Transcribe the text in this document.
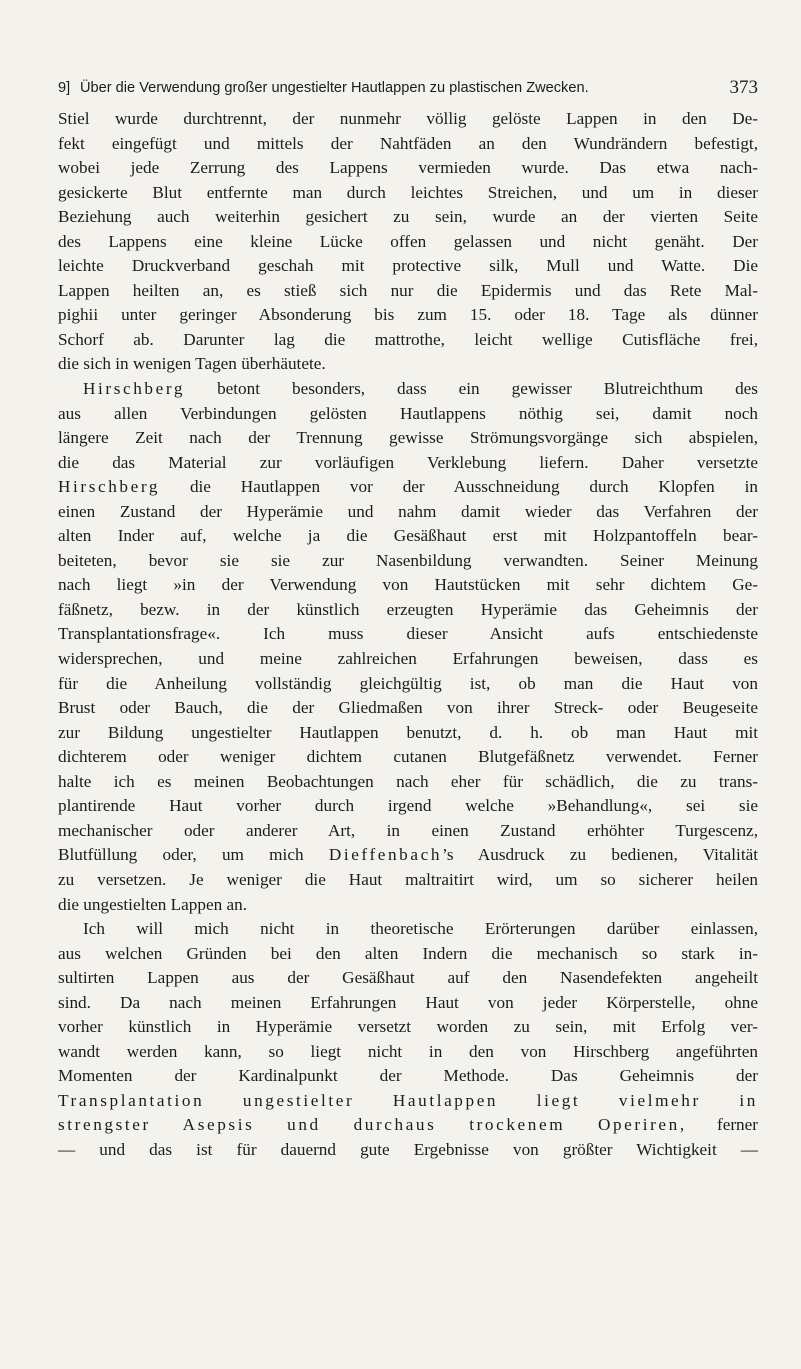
9] Über die Verwendung großer ungestielter Hautlappen zu plastischen Zwecken.	373
Stiel wurde durchtrennt, der nunmehr völlig gelöste Lappen in den De-
fekt eingefügt und mittels der Nahtfäden an den Wundrändern befestigt,
wobei jede Zerrung des Lappens vermieden wurde. Das etwa nach-
gesickerte Blut entfernte man durch leichtes Streichen, und um in dieser
Beziehung auch weiterhin gesichert zu sein, wurde an der vierten Seite
des Lappens eine kleine Lücke offen gelassen und nicht genäht. Der
leichte Druckverband geschah mit protective silk, Mull und Watte. Die
Lappen heilten an, es stieß sich nur die Epidermis und das Rete Mal-
pighii unter geringer Absonderung bis zum 15. oder 18. Tage als dünner
Schorf ab. Darunter lag die mattrothe, leicht wellige Cutisfläche frei,
die sich in wenigen Tagen überhäutete.
Hirschberg betont besonders, dass ein gewisser Blutreichthum des
aus allen Verbindungen gelösten Hautlappens nöthig sei, damit noch
längere Zeit nach der Trennung gewisse Strömungsvorgänge sich abspielen,
die das Material zur vorläufigen Verklebung liefern. Daher versetzte
Hirschberg die Hautlappen vor der Ausschneidung durch Klopfen in
einen Zustand der Hyperämie und nahm damit wieder das Verfahren der
alten Inder auf, welche ja die Gesäßhaut erst mit Holzpantoffeln bear-
beiteten, bevor sie sie zur Nasenbildung verwandten. Seiner Meinung
nach liegt »in der Verwendung von Hautstücken mit sehr dichtem Ge-
fäßnetz, bezw. in der künstlich erzeugten Hyperämie das Geheimnis der
Transplantationsfrage«. Ich muss dieser Ansicht aufs entschiedenste
widersprechen, und meine zahlreichen Erfahrungen beweisen, dass es
für die Anheilung vollständig gleichgültig ist, ob man die Haut von
Brust oder Bauch, die der Gliedmaßen von ihrer Streck- oder Beugeseite
zur Bildung ungestielter Hautlappen benutzt, d. h. ob man Haut mit
dichterem oder weniger dichtem cutanen Blutgefäßnetz verwendet. Ferner
halte ich es meinen Beobachtungen nach eher für schädlich, die zu trans-
plantirende Haut vorher durch irgend welche »Behandlung«, sei sie
mechanischer oder anderer Art, in einen Zustand erhöhter Turgescenz,
Blutfüllung oder, um mich Dieffenbach’s Ausdruck zu bedienen, Vitalität
zu versetzen. Je weniger die Haut maltraitirt wird, um so sicherer heilen
die ungestielten Lappen an.
Ich will mich nicht in theoretische Erörterungen darüber einlassen,
aus welchen Gründen bei den alten Indern die mechanisch so stark in-
sultirten Lappen aus der Gesäßhaut auf den Nasendefekten angeheilt
sind. Da nach meinen Erfahrungen Haut von jeder Körperstelle, ohne
vorher künstlich in Hyperämie versetzt worden zu sein, mit Erfolg ver-
wandt werden kann, so liegt nicht in den von Hirschberg angeführten
Momenten der Kardinalpunkt der Methode. Das Geheimnis der
Transplantation ungestielter Hautlappen liegt vielmehr in
strengster Asepsis und durchaus trockenem Operiren, ferner
— und das ist für dauernd gute Ergebnisse von größter Wichtigkeit —
